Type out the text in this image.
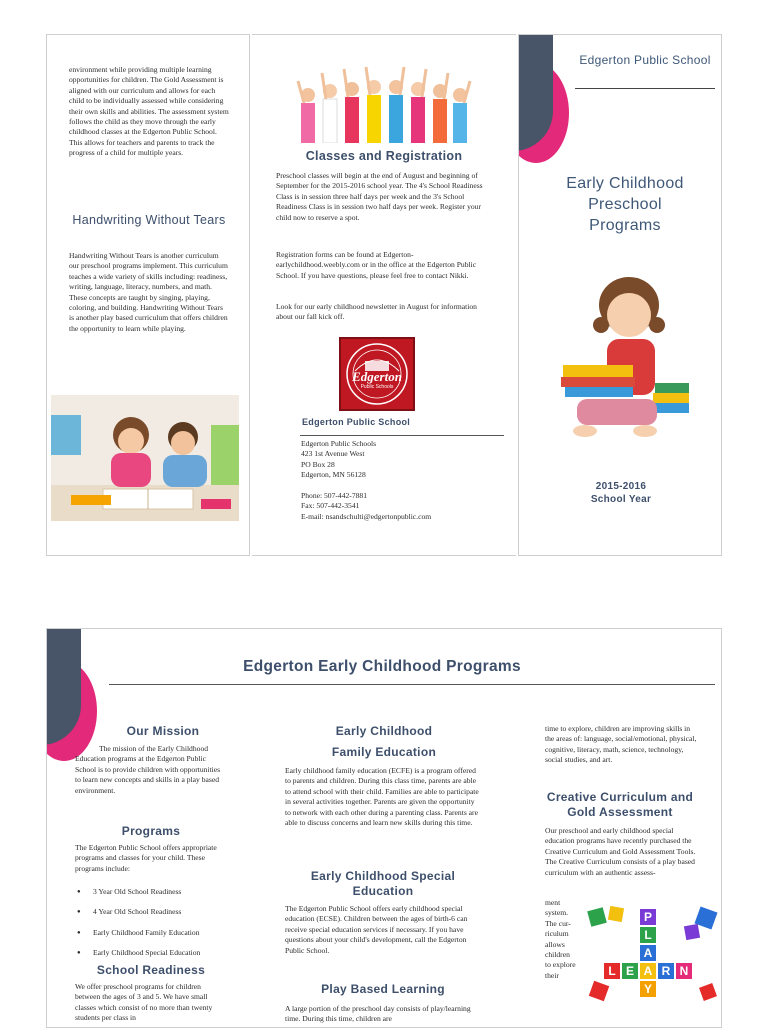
environment while providing multiple learning opportunities for children. The Gold Assessment is aligned with our curriculum and allows for each child to be individually assessed while considering their own skills and abilities. The assessment system follows the child as they move through the early childhood classes at the Edgerton Public School. This allows for teachers and parents to track the progress of a child for multiple years.

Handwriting Without Tears

Handwriting Without Tears is another curriculum our preschool programs implement. This curriculum teaches a wide variety of skills including: readiness, writing, language, literacy, numbers, and math. These concepts are taught by singing, playing, coloring, and building. Handwriting Without Tears is another play based curriculum that offers children the opportunity to learn while playing.

Classes and Registration

Preschool classes will begin at the end of August and beginning of September for the 2015-2016 school year. The 4's School Readiness Class is in session three half days per week and the 3's School Readiness Class is in session two half days per week. Register your child now to reserve a spot.

Registration forms can be found at Edgerton-earlychildhood.weebly.com or in the office at the Edgerton Public School. If you have questions, please feel free to contact Nikki.

Look for our early childhood newsletter in August for information about our fall kick off.

Edgerton
Public Schools
Edgerton Public School
Edgerton Public Schools
423 1st Avenue West
PO Box 28
Edgerton, MN 56128
Phone: 507-442-7881
Fax: 507-442-3541
E-mail: nsandschulti@edgertonpublic.com
Edgerton Public School
Early Childhood
Preschool
Programs
2015-2016
School Year
Edgerton Early Childhood Programs
Our Mission

The mission of the Early Childhood Education programs at the Edgerton Public School is to provide children with opportunities to learn new concepts and skills in a play based environment.

Programs

The Edgerton Public School offers appropriate programs and classes for your child. These programs include:

● 3 Year Old School Readiness
● 4 Year Old School Readiness
● Early Childhood Family Education
● Early Childhood Special Education
School Readiness

We offer preschool programs for children between the ages of 3 and 5. We have small classes which consist of no more than twenty students per class in

Early Childhood
Family Education

Early childhood family education (ECFE) is a program offered to parents and children. During this class time, parents are able to attend school with their child. Families are able to participate in several activities together. Parents are given the opportunity to network with each other during a parenting class. Parents are able to discuss concerns and learn new skills during this time.

Early Childhood Special Education

The Edgerton Public School offers early childhood special education (ECSE). Children between the ages of birth-6 can receive special education services if necessary. If you have questions about your child's development, call the Edgerton Public School.

Play Based Learning

A large portion of the preschool day consists of play/learning time. During this time, children are

time to explore, children are improving skills in the areas of: language, social/emotional, physical, cognitive, literacy, math, science, technology, social studies, and art.

Creative Curriculum and Gold Assessment

Our preschool and early childhood special education programs have recently purchased the Creative Curriculum and Gold Assessment Tools. The Creative Curriculum consists of a play based curriculum with an authentic assess-

ment
system.
The cur-
riculum
allows
children
to explore
their
P
L
A
Y
L E A R N
